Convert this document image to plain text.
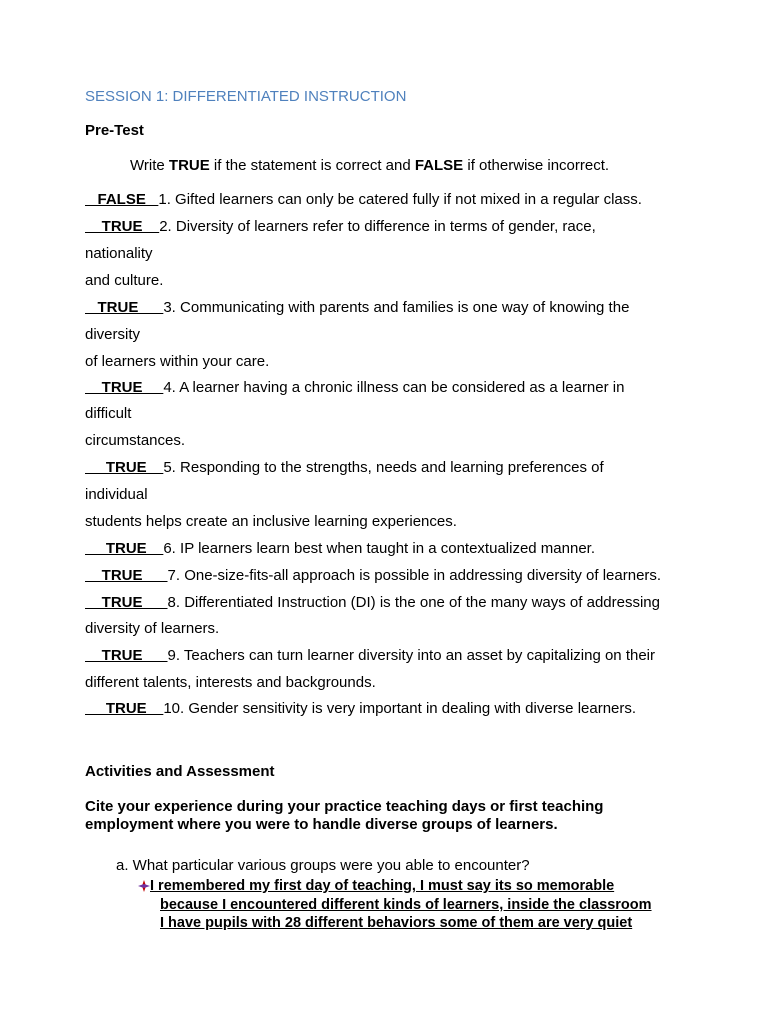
SESSION 1: DIFFERENTIATED INSTRUCTION
Pre-Test
Write TRUE if the statement is correct and FALSE if otherwise incorrect.
FALSE   1. Gifted learners can only be catered fully if not mixed in a regular class.
TRUE    2. Diversity of learners refer to difference in terms of gender, race,
nationality
and culture.
TRUE      3. Communicating with parents and families is one way of knowing the
diversity
of learners within your care.
TRUE     4. A learner having a chronic illness can be considered as a learner in
difficult
circumstances.
TRUE    5. Responding to the strengths, needs and learning preferences of
individual
students helps create an inclusive learning experiences.
TRUE    6. IP learners learn best when taught in a contextualized manner.
TRUE      7. One-size-fits-all approach is possible in addressing diversity of learners.
TRUE      8. Differentiated Instruction (DI) is the one of the many ways of addressing
diversity of learners.
TRUE      9. Teachers can turn learner diversity into an asset by capitalizing on their
different talents, interests and backgrounds.
TRUE    10. Gender sensitivity is very important in dealing with diverse learners.
Activities and Assessment
Cite your experience during your practice teaching days or first teaching employment where you were to handle diverse groups of learners.
a. What particular various groups were you able to encounter?
I remembered my first day of teaching, I must say its so memorable
because I encountered different kinds of learners, inside the classroom
I have pupils with 28 different behaviors some of them are very quiet
